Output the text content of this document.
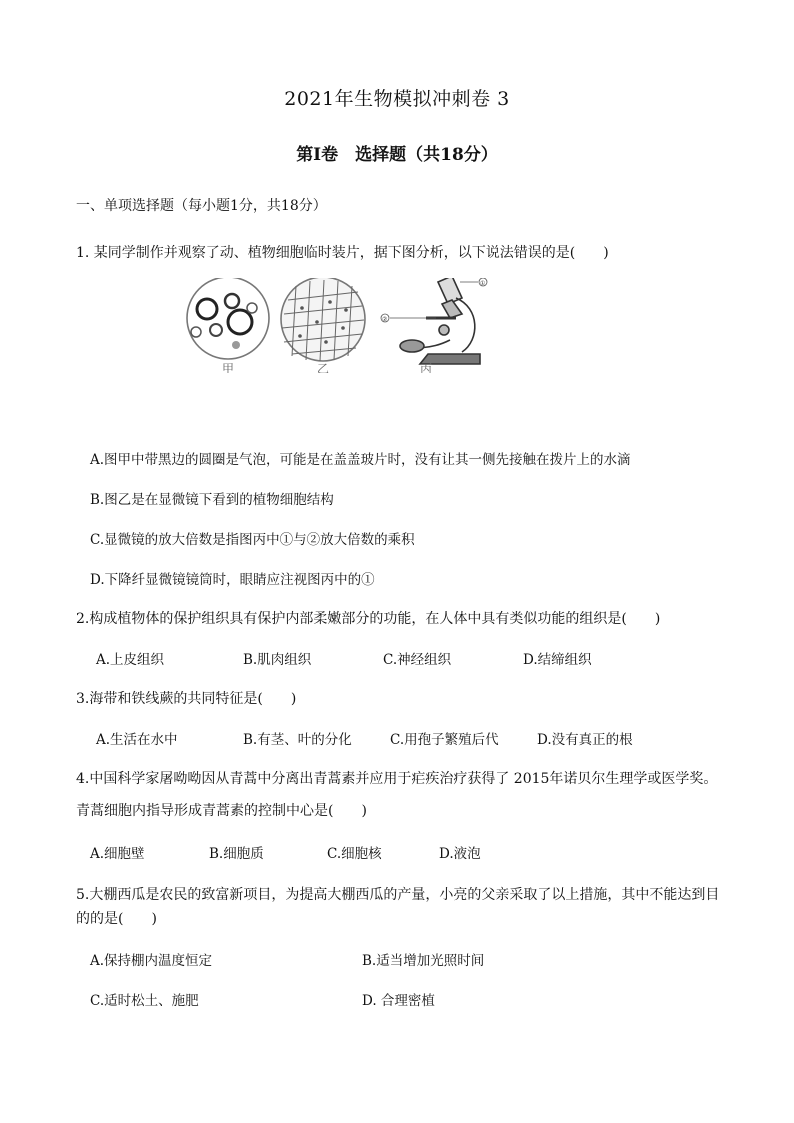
2021年生物模拟冲刺卷 3
第Ⅰ卷　选择题（共18分）
一、单项选择题（每小题1分，共18分）
1. 某同学制作并观察了动、植物细胞临时装片，据下图分析，以下说法错误的是(　　)
①
②
甲	乙	丙
A.图甲中带黑边的圆圈是气泡，可能是在盖盖玻片时，没有让其一侧先接触在拨片上的水滴
B.图乙是在显微镜下看到的植物细胞结构
C.显微镜的放大倍数是指图丙中①与②放大倍数的乘积
D.下降纤显微镜镜筒时，眼睛应注视图丙中的①
2.构成植物体的保护组织具有保护内部柔嫩部分的功能，在人体中具有类似功能的组织是(　　)
A.上皮组织	B.肌肉组织	C.神经组织	D.结缔组织
3.海带和铁线蕨的共同特征是(　　)
A.生活在水中	B.有茎、叶的分化	C.用孢子繁殖后代	D.没有真正的根
4.中国科学家屠呦呦因从青蒿中分离出青蒿素并应用于疟疾治疗获得了 2015年诺贝尔生理学或医学奖。
青蒿细胞内指导形成青蒿素的控制中心是(　　)
A.细胞壁	B.细胞质	C.细胞核	D.液泡
5.大棚西瓜是农民的致富新项目，为提高大棚西瓜的产量，小亮的父亲采取了以上措施，其中不能达到目
的的是(　　)
A.保持棚内温度恒定	B.适当增加光照时间
C.适时松土、施肥	D. 合理密植
